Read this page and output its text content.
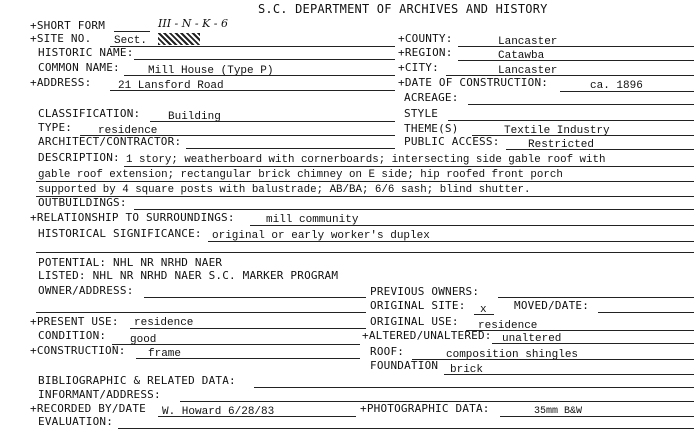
S.C. DEPARTMENT OF ARCHIVES AND HISTORY
+SHORT FORM	III - N - K - 6
+SITE NO. Sect.	+COUNTY:	Lancaster
HISTORIC NAME:	+REGION:	Catawba
COMMON NAME:	Mill House (Type P)	+CITY:	Lancaster
+ADDRESS: 21 Lansford Road	+DATE OF CONSTRUCTION:	ca. 1896
ACREAGE:
CLASSIFICATION:	Building	STYLE
TYPE: residence	THEME(S)	Textile Industry
ARCHITECT/CONTRACTOR:	PUBLIC ACCESS:	Restricted
DESCRIPTION: 1 story; weatherboard with cornerboards; intersecting side gable roof with
gable roof extension; rectangular brick chimney on E side; hip roofed front porch
supported by 4 square posts with balustrade; AB/BA; 6/6 sash; blind shutter.
OUTBUILDINGS:
+RELATIONSHIP TO SURROUNDINGS:	mill community
HISTORICAL SIGNIFICANCE: original or early worker's duplex
POTENTIAL: NHL NR NRHD NAER
LISTED: NHL NR NRHD NAER S.C. MARKER PROGRAM
OWNER/ADDRESS:	PREVIOUS OWNERS:
ORIGINAL SITE: x MOVED/DATE:
+PRESENT USE: residence	ORIGINAL USE: residence
CONDITION: good	+ALTERED/UNALTERED: unaltered
+CONSTRUCTION: frame	ROOF:	composition shingles
FOUNDATION brick
BIBLIOGRAPHIC & RELATED DATA:
INFORMANT/ADDRESS:
+RECORDED BY/DATE W. Howard 6/28/83	+PHOTOGRAPHIC DATA:	35mm B&W
EVALUATION:
